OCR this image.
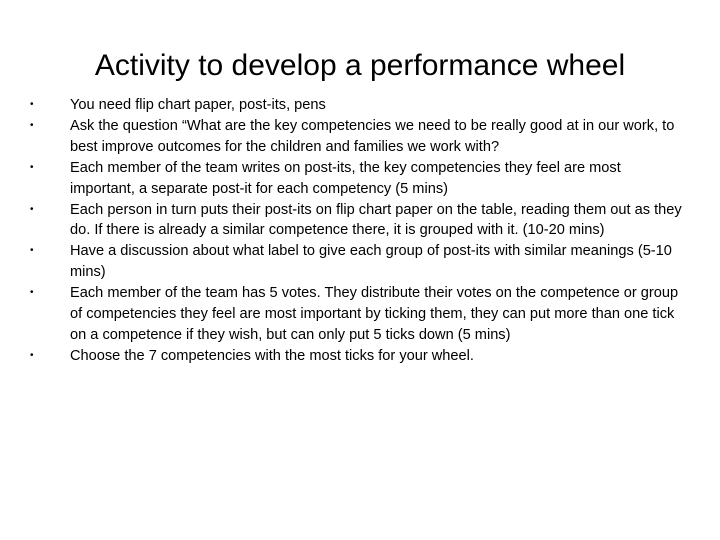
Activity to develop a performance wheel
•	You need flip chart paper, post-its, pens
•	Ask the question “What are the key competencies we need to be really good at in our work, to best improve outcomes for the children and families we work with?
•	Each member of the team writes on post-its, the key competencies they feel are most important, a separate post-it for each competency (5 mins)
•	Each person in turn puts their post-its on flip chart paper on the table, reading them out as they do. If there is already a similar competence there, it is grouped with it. (10-20 mins)
•	Have a discussion about what label to give each group of post-its with similar meanings (5-10 mins)
•	Each member of the team has 5 votes. They distribute their votes on the competence or group of competencies they feel are most important by ticking them, they can put more than one tick on a competence if they wish, but can only put 5 ticks down (5 mins)
•	Choose the 7 competencies with the most ticks for your wheel.
